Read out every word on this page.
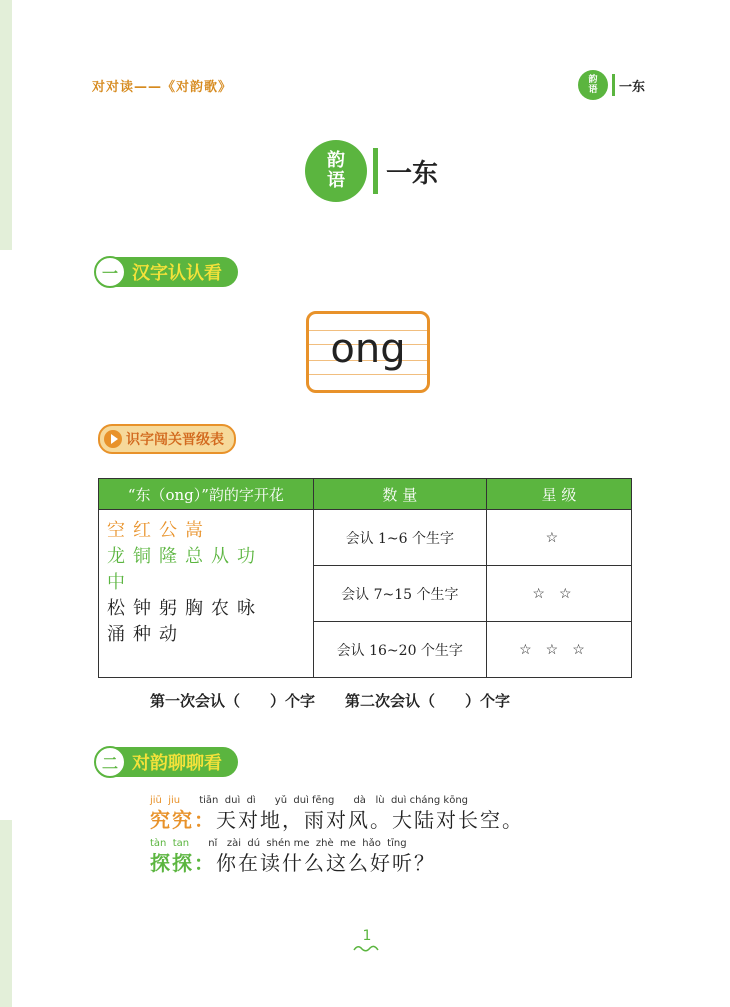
对对读——《对韵歌》	韵
语 一东
韵
语 一东
一 汉字认认看
ong
识字闯关晋级表
“东（ong）”韵的字开花	数 量	星 级

空红公嵩
龙铜隆总从功
中
松钟躬胸农咏
涌种动	会认 1~6 个生字	☆
	会认 7~15 个生字	☆☆
	会认 16~20 个生字	☆☆☆
第一次会认（　　）个字　　第二次会认（　　）个字
二 对韵聊聊看
jiū  jiu tiān  duì  dì      yǔ  duì fēng      dà   lù  duì cháng kōng
究究：天对地，雨对风。大陆对长空。
tàn  tan nǐ   zài  dú  shén me  zhè  me  hǎo  tīng
探探：你在读什么这么好听？
1
